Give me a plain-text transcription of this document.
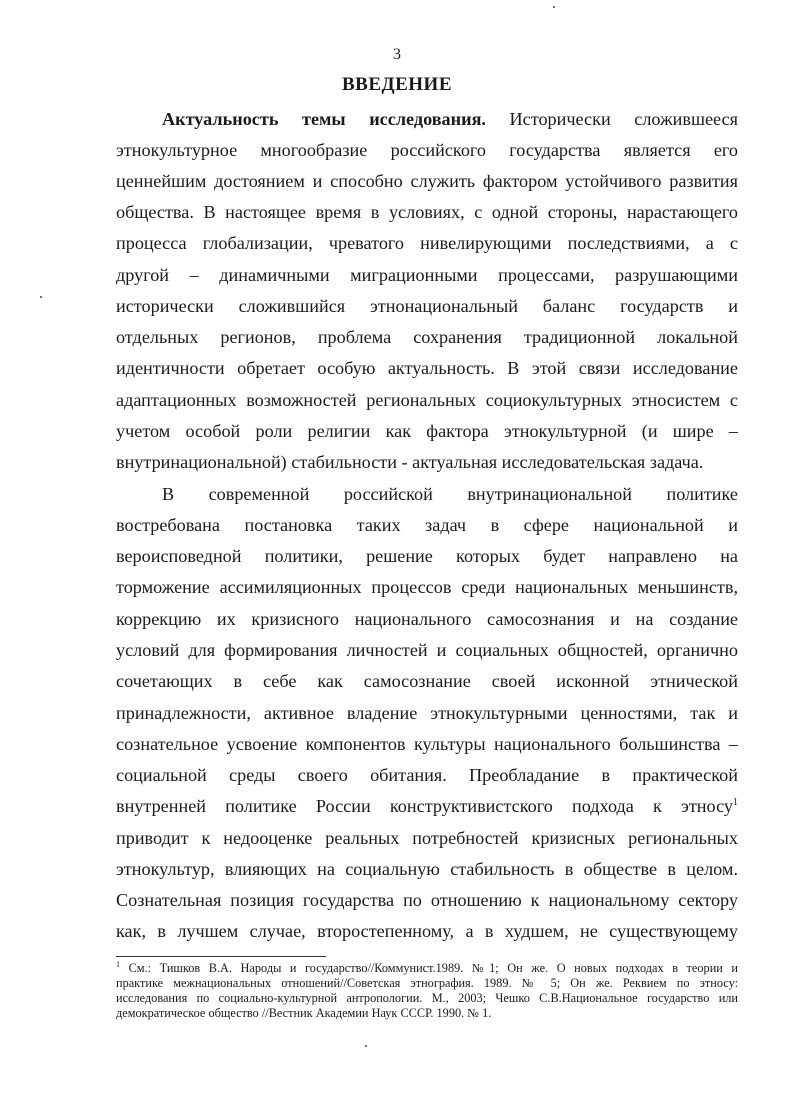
3
ВВЕДЕНИЕ
Актуальность темы исследования. Исторически сложившееся
этнокультурное многообразие российского государства является его
ценнейшим достоянием и способно служить фактором устойчивого развития
общества. В настоящее время в условиях, с одной стороны, нарастающего
процесса глобализации, чреватого нивелирующими последствиями, а с
другой – динамичными миграционными процессами, разрушающими
исторически сложившийся этнонациональный баланс государств и
отдельных регионов, проблема сохранения традиционной локальной
идентичности обретает особую актуальность. В этой связи исследование
адаптационных возможностей региональных социокультурных этносистем с
учетом особой роли религии как фактора этнокультурной (и шире –
внутринациональной) стабильности - актуальная исследовательская задача.
В современной российской внутринациональной политике
востребована постановка таких задач в сфере национальной и
вероисповедной политики, решение которых будет направлено на
торможение ассимиляционных процессов среди национальных меньшинств,
коррекцию их кризисного национального самосознания и на создание
условий для формирования личностей и социальных общностей, органично
сочетающих в себе как самосознание своей исконной этнической
принадлежности, активное владение этнокультурными ценностями, так и
сознательное усвоение компонентов культуры национального большинства –
социальной среды своего обитания. Преобладание в практической
внутренней политике России конструктивистского подхода к этносу$^1$
приводит к недооценке реальных потребностей кризисных региональных
этнокультур, влияющих на социальную стабильность в обществе в целом.
Сознательная позиция государства по отношению к национальному сектору
как, в лучшем случае, второстепенному, а в худшем, не существующему
$^1$ См.: Тишков В.А. Народы и государство//Коммунист.1989. №1; Он же. О новых подходах в теории и
практике межнациональных отношений//Советская этнография. 1989. № 5; Он же. Реквием по этносу:
исследования по социально-культурной антропологии. М., 2003; Чешко С.В.Национальное государство или
демократическое общество //Вестник Академии Наук СССР. 1990. № 1.
